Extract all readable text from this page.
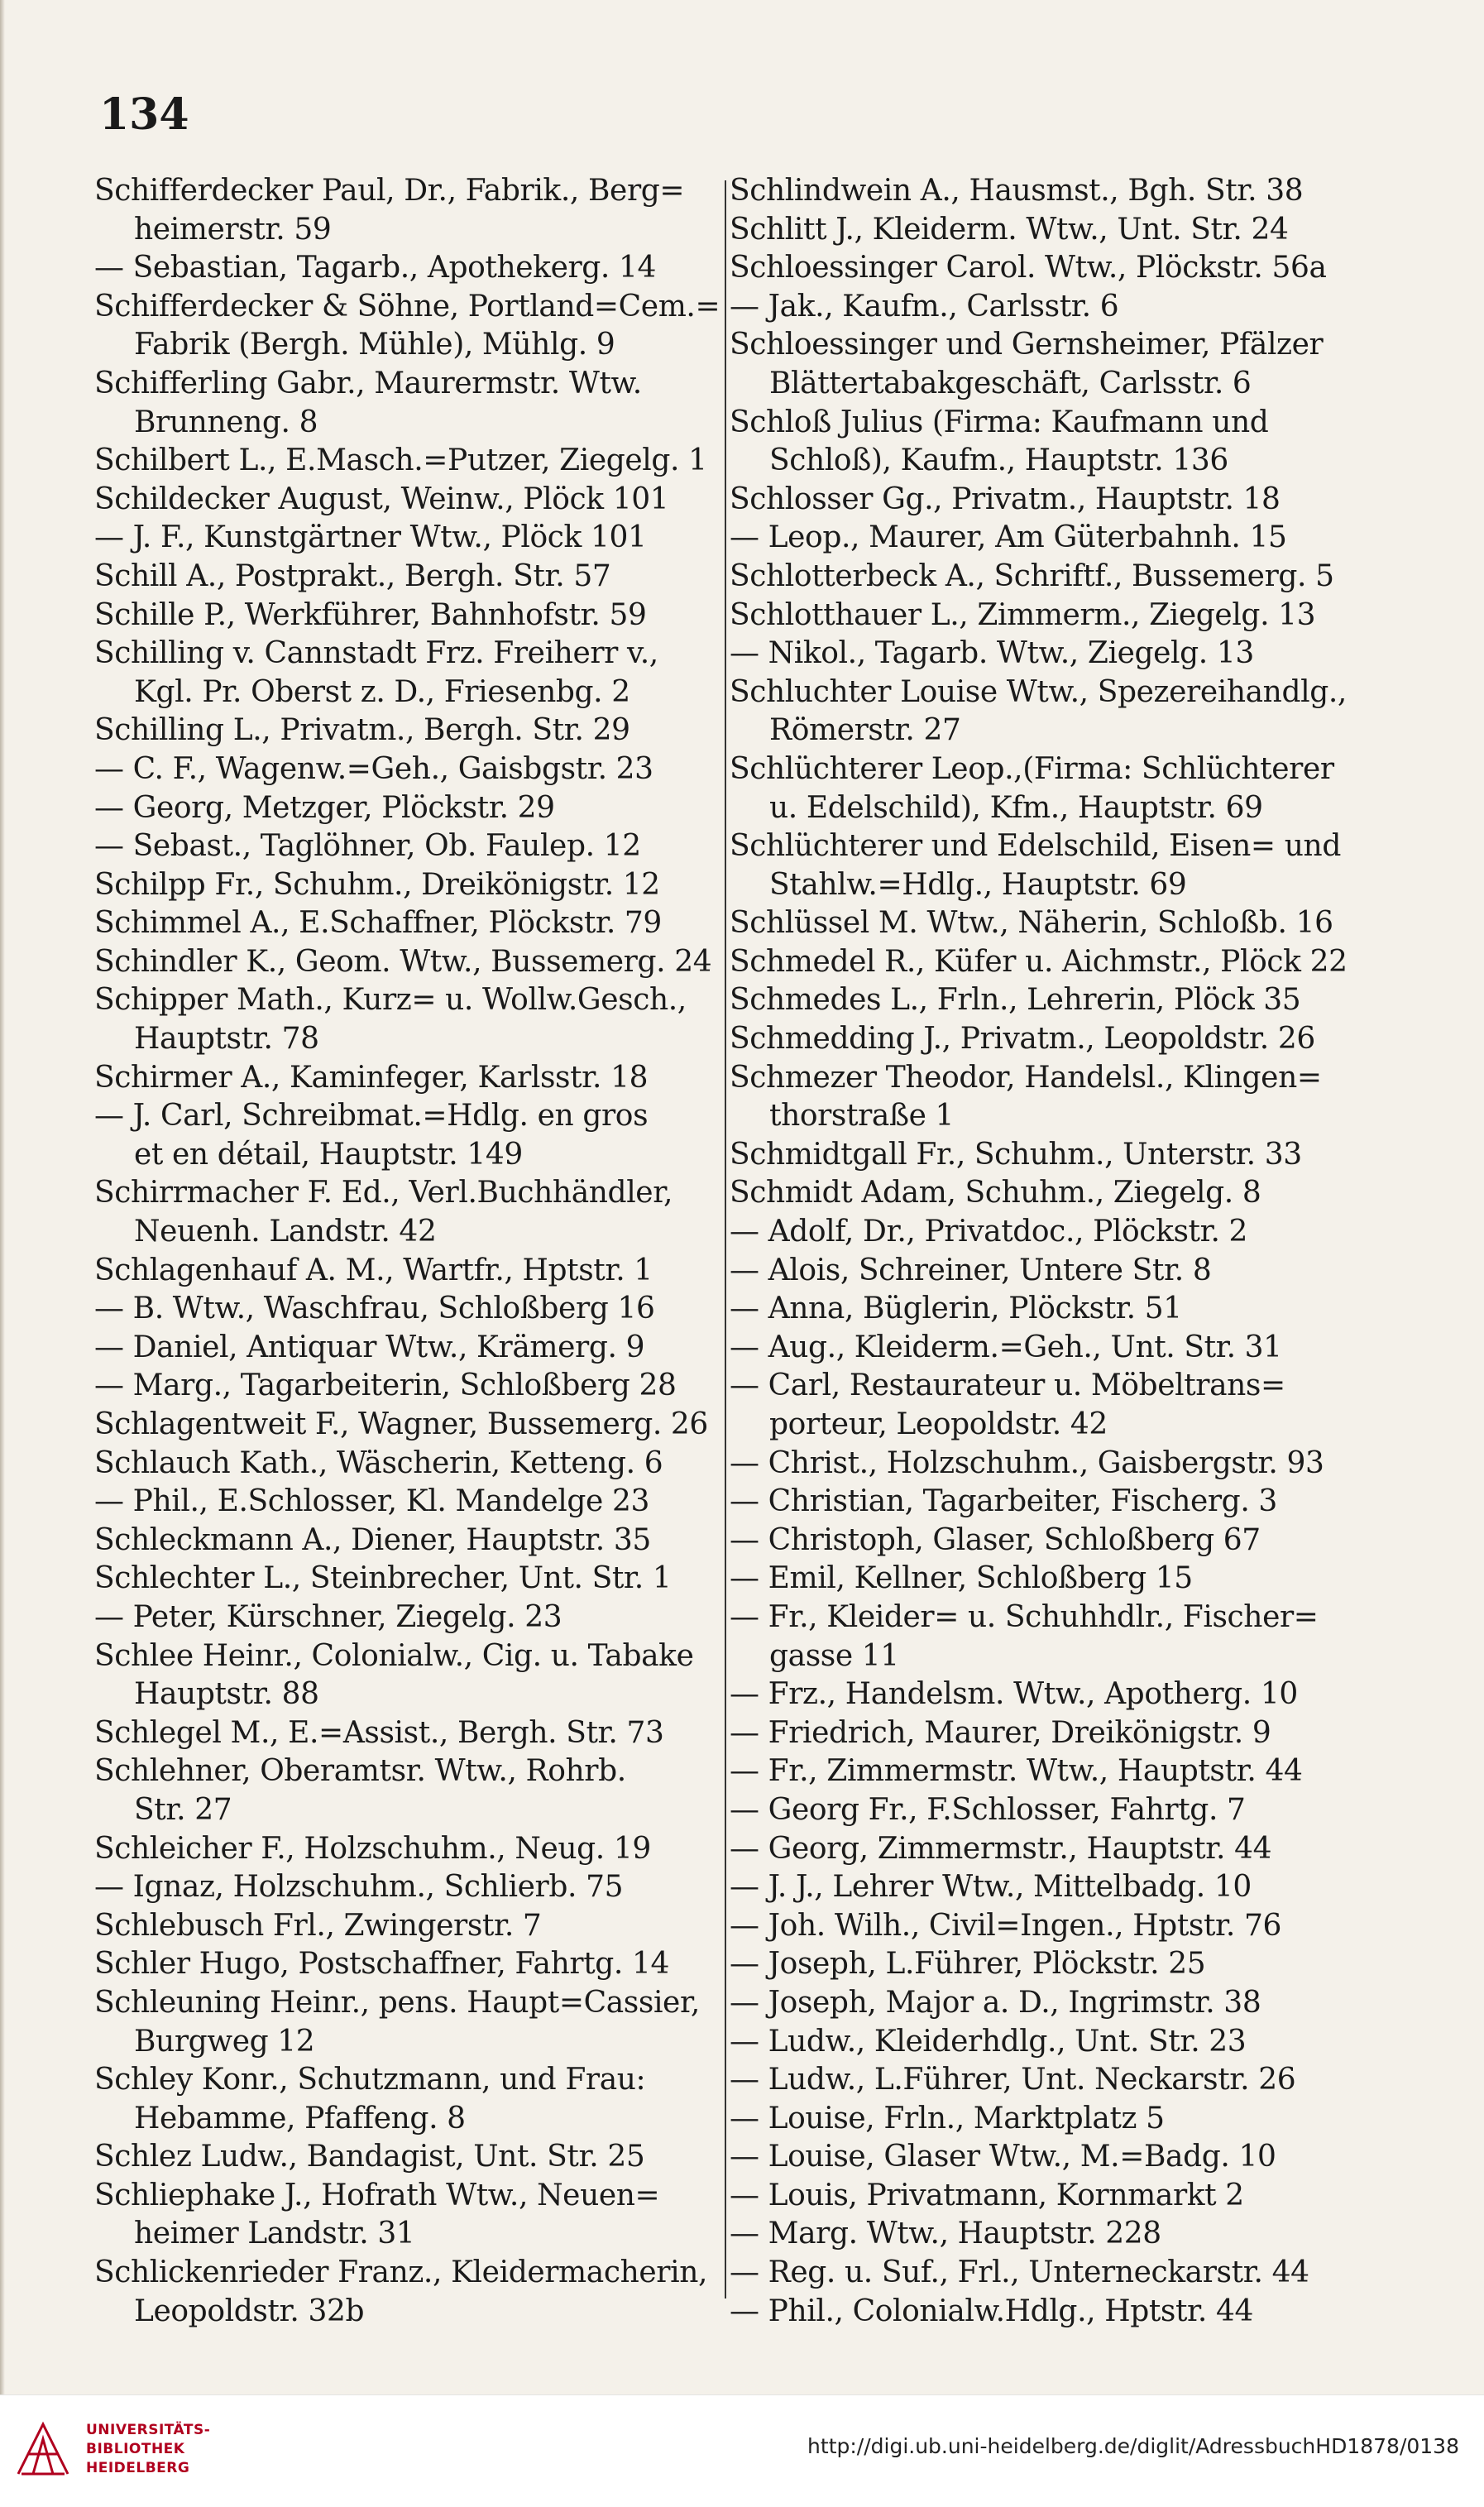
134

Schifferdecker Paul, Dr., Fabrik., Berg=

heimerstr. 59

— Sebastian, Tagarb., Apothekerg. 14

Schifferdecker & Söhne, Portland=Cem.=

Fabrik (Bergh. Mühle), Mühlg. 9

Schifferling Gabr., Maurermstr. Wtw.

Brunneng. 8

Schilbert L., E.Masch.=Putzer, Ziegelg. 1

Schildecker August, Weinw., Plöck 101

— J. F., Kunstgärtner Wtw., Plöck 101

Schill A., Postprakt., Bergh. Str. 57

Schille P., Werkführer, Bahnhofstr. 59

Schilling v. Cannstadt Frz. Freiherr v.,

Kgl. Pr. Oberst z. D., Friesenbg. 2

Schilling L., Privatm., Bergh. Str. 29

— C. F., Wagenw.=Geh., Gaisbgstr. 23

— Georg, Metzger, Plöckstr. 29

— Sebast., Taglöhner, Ob. Faulep. 12

Schilpp Fr., Schuhm., Dreikönigstr. 12

Schimmel A., E.Schaffner, Plöckstr. 79

Schindler K., Geom. Wtw., Bussemerg. 24

Schipper Math., Kurz= u. Wollw.Gesch.,

Hauptstr. 78

Schirmer A., Kaminfeger, Karlsstr. 18

— J. Carl, Schreibmat.=Hdlg. en gros

et en détail, Hauptstr. 149

Schirrmacher F. Ed., Verl.Buchhändler,

Neuenh. Landstr. 42

Schlagenhauf A. M., Wartfr., Hptstr. 1

— B. Wtw., Waschfrau, Schloßberg 16

— Daniel, Antiquar Wtw., Krämerg. 9

— Marg., Tagarbeiterin, Schloßberg 28

Schlagentweit F., Wagner, Bussemerg. 26

Schlauch Kath., Wäscherin, Ketteng. 6

— Phil., E.Schlosser, Kl. Mandelge 23

Schleckmann A., Diener, Hauptstr. 35

Schlechter L., Steinbrecher, Unt. Str. 1

— Peter, Kürschner, Ziegelg. 23

Schlee Heinr., Colonialw., Cig. u. Tabake

Hauptstr. 88

Schlegel M., E.=Assist., Bergh. Str. 73

Schlehner, Oberamtsr. Wtw., Rohrb.

Str. 27

Schleicher F., Holzschuhm., Neug. 19

— Ignaz, Holzschuhm., Schlierb. 75

Schlebusch Frl., Zwingerstr. 7

Schler Hugo, Postschaffner, Fahrtg. 14

Schleuning Heinr., pens. Haupt=Cassier,

Burgweg 12

Schley Konr., Schutzmann, und Frau:

Hebamme, Pfaffeng. 8

Schlez Ludw., Bandagist, Unt. Str. 25

Schliephake J., Hofrath Wtw., Neuen=

heimer Landstr. 31

Schlickenrieder Franz., Kleidermacherin,

Leopoldstr. 32b

Schlindwein A., Hausmst., Bgh. Str. 38

Schlitt J., Kleiderm. Wtw., Unt. Str. 24

Schloessinger Carol. Wtw., Plöckstr. 56a

— Jak., Kaufm., Carlsstr. 6

Schloessinger und Gernsheimer, Pfälzer

Blättertabakgeschäft, Carlsstr. 6

Schloß Julius (Firma: Kaufmann und

Schloß), Kaufm., Hauptstr. 136

Schlosser Gg., Privatm., Hauptstr. 18

— Leop., Maurer, Am Güterbahnh. 15

Schlotterbeck A., Schriftf., Bussemerg. 5

Schlotthauer L., Zimmerm., Ziegelg. 13

— Nikol., Tagarb. Wtw., Ziegelg. 13

Schluchter Louise Wtw., Spezereihandlg.,

Römerstr. 27

Schlüchterer Leop.,(Firma: Schlüchterer

u. Edelschild), Kfm., Hauptstr. 69

Schlüchterer und Edelschild, Eisen= und

Stahlw.=Hdlg., Hauptstr. 69

Schlüssel M. Wtw., Näherin, Schloßb. 16

Schmedel R., Küfer u. Aichmstr., Plöck 22

Schmedes L., Frln., Lehrerin, Plöck 35

Schmedding J., Privatm., Leopoldstr. 26

Schmezer Theodor, Handelsl., Klingen=

thorstraße 1

Schmidtgall Fr., Schuhm., Unterstr. 33

Schmidt Adam, Schuhm., Ziegelg. 8

— Adolf, Dr., Privatdoc., Plöckstr. 2

— Alois, Schreiner, Untere Str. 8

— Anna, Büglerin, Plöckstr. 51

— Aug., Kleiderm.=Geh., Unt. Str. 31

— Carl, Restaurateur u. Möbeltrans=

porteur, Leopoldstr. 42

— Christ., Holzschuhm., Gaisbergstr. 93

— Christian, Tagarbeiter, Fischerg. 3

— Christoph, Glaser, Schloßberg 67

— Emil, Kellner, Schloßberg 15

— Fr., Kleider= u. Schuhhdlr., Fischer=

gasse 11

— Frz., Handelsm. Wtw., Apotherg. 10

— Friedrich, Maurer, Dreikönigstr. 9

— Fr., Zimmermstr. Wtw., Hauptstr. 44

— Georg Fr., F.Schlosser, Fahrtg. 7

— Georg, Zimmermstr., Hauptstr. 44

— J. J., Lehrer Wtw., Mittelbadg. 10

— Joh. Wilh., Civil=Ingen., Hptstr. 76

— Joseph, L.Führer, Plöckstr. 25

— Joseph, Major a. D., Ingrimstr. 38

— Ludw., Kleiderhdlg., Unt. Str. 23

— Ludw., L.Führer, Unt. Neckarstr. 26

— Louise, Frln., Marktplatz 5

— Louise, Glaser Wtw., M.=Badg. 10

— Louis, Privatmann, Kornmarkt 2

— Marg. Wtw., Hauptstr. 228

— Reg. u. Suf., Frl., Unterneckarstr. 44

— Phil., Colonialw.Hdlg., Hptstr. 44

UNIVERSITÄTS-
BIBLIOTHEK
HEIDELBERG
http://digi.ub.uni-heidelberg.de/diglit/AdressbuchHD1878/0138
